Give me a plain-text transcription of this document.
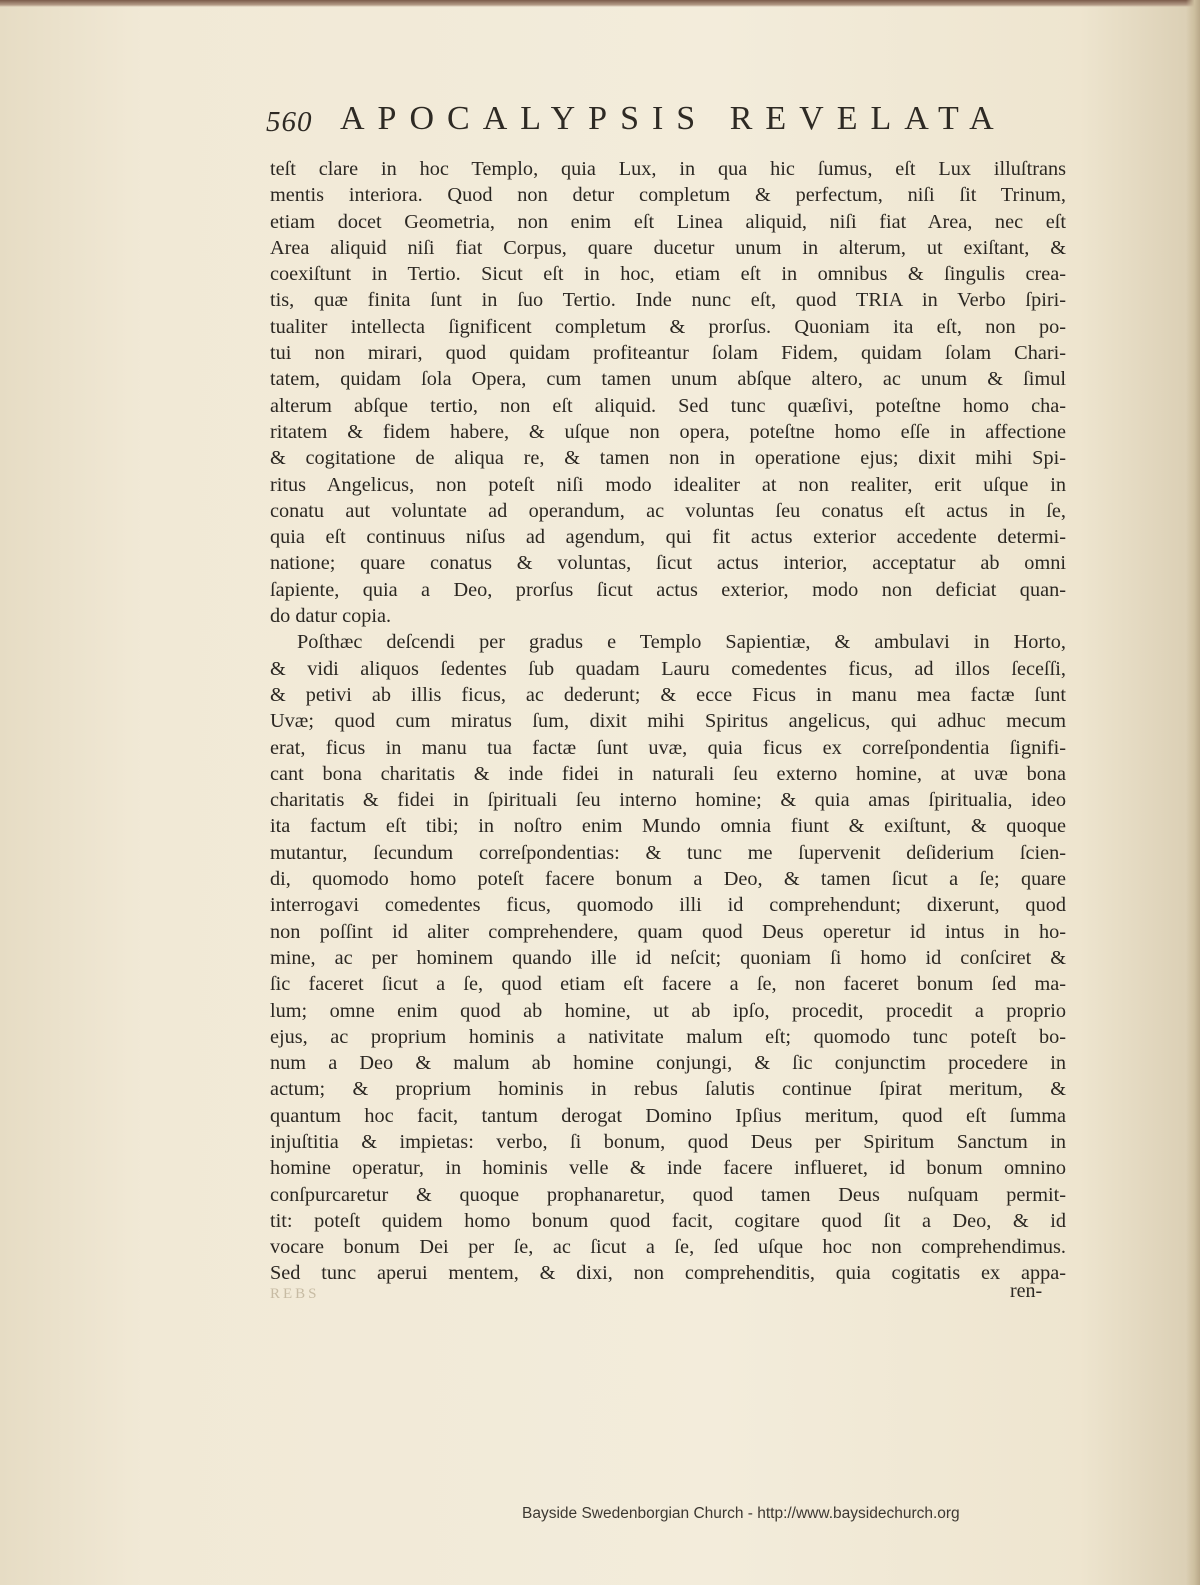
560 APOCALYPSIS REVELATA
teſt clare in hoc Templo, quia Lux, in qua hic ſumus, eſt Lux illuſtrans
mentis interiora. Quod non detur completum & perfectum, niſi ſit Trinum,
etiam docet Geometria, non enim eſt Linea aliquid, niſi fiat Area, nec eſt
Area aliquid niſi fiat Corpus, quare ducetur unum in alterum, ut exiſtant, &
coexiſtunt in Tertio. Sicut eſt in hoc, etiam eſt in omnibus & ſingulis crea-
tis, quæ finita ſunt in ſuo Tertio. Inde nunc eſt, quod TRIA in Verbo ſpiri-
tualiter intellecta ſignificent completum & prorſus. Quoniam ita eſt, non po-
tui non mirari, quod quidam profiteantur ſolam Fidem, quidam ſolam Chari-
tatem, quidam ſola Opera, cum tamen unum abſque altero, ac unum & ſimul
alterum abſque tertio, non eſt aliquid. Sed tunc quæſivi, poteſtne homo cha-
ritatem & fidem habere, & uſque non opera, poteſtne homo eſſe in affectione
& cogitatione de aliqua re, & tamen non in operatione ejus; dixit mihi Spi-
ritus Angelicus, non poteſt niſi modo idealiter at non realiter, erit uſque in
conatu aut voluntate ad operandum, ac voluntas ſeu conatus eſt actus in ſe,
quia eſt continuus niſus ad agendum, qui fit actus exterior accedente determi-
natione; quare conatus & voluntas, ſicut actus interior, acceptatur ab omni
ſapiente, quia a Deo, prorſus ſicut actus exterior, modo non deficiat quan-
do datur copia.
Poſthæc deſcendi per gradus e Templo Sapientiæ, & ambulavi in Horto,
& vidi aliquos ſedentes ſub quadam Lauru comedentes ficus, ad illos ſeceſſi,
& petivi ab illis ficus, ac dederunt; & ecce Ficus in manu mea factæ ſunt
Uvæ; quod cum miratus ſum, dixit mihi Spiritus angelicus, qui adhuc mecum
erat, ficus in manu tua factæ ſunt uvæ, quia ficus ex correſpondentia ſignifi-
cant bona charitatis & inde fidei in naturali ſeu externo homine, at uvæ bona
charitatis & fidei in ſpirituali ſeu interno homine; & quia amas ſpiritualia, ideo
ita factum eſt tibi; in noſtro enim Mundo omnia fiunt & exiſtunt, & quoque
mutantur, ſecundum correſpondentias: & tunc me ſupervenit deſiderium ſcien-
di, quomodo homo poteſt facere bonum a Deo, & tamen ſicut a ſe; quare
interrogavi comedentes ficus, quomodo illi id comprehendunt; dixerunt, quod
non poſſint id aliter comprehendere, quam quod Deus operetur id intus in ho-
mine, ac per hominem quando ille id neſcit; quoniam ſi homo id conſciret &
ſic faceret ſicut a ſe, quod etiam eſt facere a ſe, non faceret bonum ſed ma-
lum; omne enim quod ab homine, ut ab ipſo, procedit, procedit a proprio
ejus, ac proprium hominis a nativitate malum eſt; quomodo tunc poteſt bo-
num a Deo & malum ab homine conjungi, & ſic conjunctim procedere in
actum; & proprium hominis in rebus ſalutis continue ſpirat meritum, &
quantum hoc facit, tantum derogat Domino Ipſius meritum, quod eſt ſumma
injuſtitia & impietas: verbo, ſi bonum, quod Deus per Spiritum Sanctum in
homine operatur, in hominis velle & inde facere influeret, id bonum omnino
conſpurcaretur & quoque prophanaretur, quod tamen Deus nuſquam permit-
tit: poteſt quidem homo bonum quod facit, cogitare quod ſit a Deo, & id
vocare bonum Dei per ſe, ac ſicut a ſe, ſed uſque hoc non comprehendimus.
Sed tunc aperui mentem, & dixi, non comprehenditis, quia cogitatis ex appa-
REBS	ren-
Bayside Swedenborgian Church - http://www.baysidechurch.org
